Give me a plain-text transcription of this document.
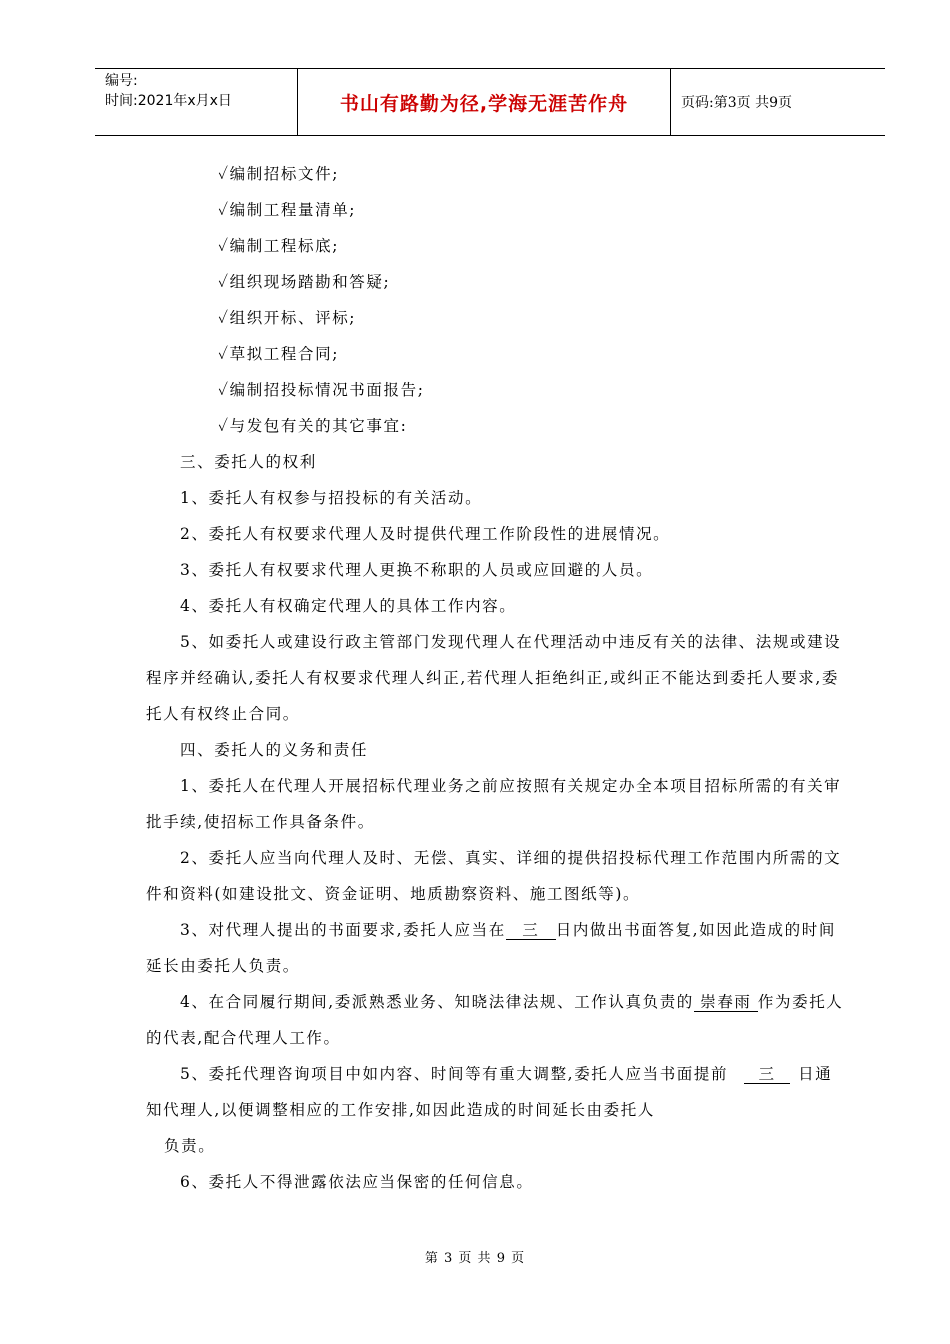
编号:
时间:2021年x月x日	书山有路勤为径,学海无涯苦作舟	页码:第3页 共9页

✓编制招标文件;

✓编制工程量清单;

✓编制工程标底;

✓组织现场踏勘和答疑;

✓组织开标、评标;

✓草拟工程合同;

✓编制招投标情况书面报告;

✓与发包有关的其它事宜:

三、委托人的权利

1、委托人有权参与招投标的有关活动。

2、委托人有权要求代理人及时提供代理工作阶段性的进展情况。

3、委托人有权要求代理人更换不称职的人员或应回避的人员。

4、委托人有权确定代理人的具体工作内容。

5、如委托人或建设行政主管部门发现代理人在代理活动中违反有关的法律、法规或建设程序并经确认,委托人有权要求代理人纠正,若代理人拒绝纠正,或纠正不能达到委托人要求,委托人有权终止合同。

四、委托人的义务和责任

1、委托人在代理人开展招标代理业务之前应按照有关规定办全本项目招标所需的有关审批手续,使招标工作具备条件。

2、委托人应当向代理人及时、无偿、真实、详细的提供招投标代理工作范围内所需的文件和资料(如建设批文、资金证明、地质勘察资料、施工图纸等)。

3、对代理人提出的书面要求,委托人应当在 三 日内做出书面答复,如因此造成的时间延长由委托人负责。

4、在合同履行期间,委派熟悉业务、知晓法律法规、工作认真负责的 崇春雨 作为委托人的代表,配合代理人工作。

5、委托代理咨询项目中如内容、时间等有重大调整,委托人应当书面提前 三 日通知代理人,以便调整相应的工作安排,如因此造成的时间延长由委托人
负责。

6、委托人不得泄露依法应当保密的任何信息。

第 3 页 共 9 页
